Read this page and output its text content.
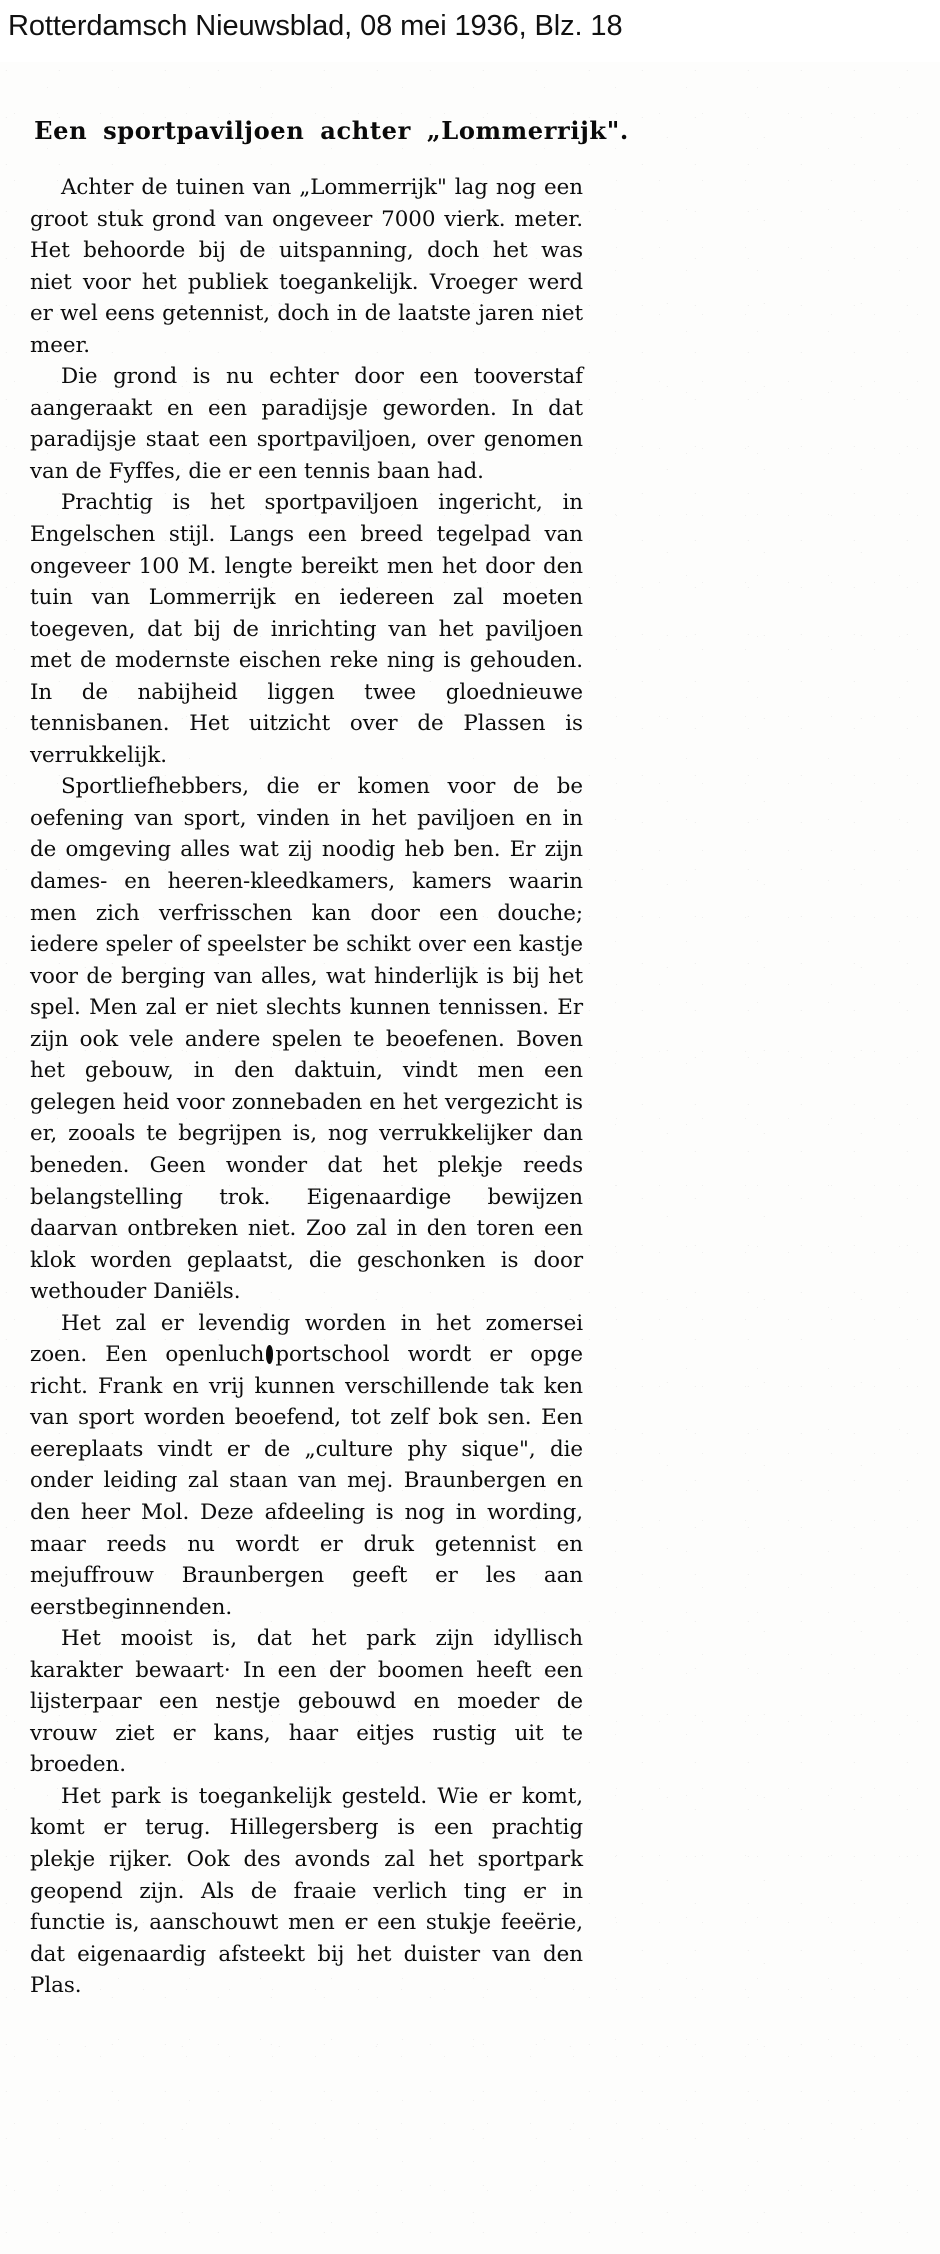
Rotterdamsch Nieuwsblad, 08 mei 1936, Blz. 18
Een sportpaviljoen achter „Lommerrijk".

Achter de tuinen van „Lommerrijk" lag nog een groot stuk grond van ongeveer 7000 vierk. meter. Het behoorde bij de uitspanning, doch het was niet voor het publiek toegankelijk. Vroeger werd er wel eens getennist, doch in de laatste jaren niet meer.

Die grond is nu echter door een tooverstaf aangeraakt en een paradijsje geworden. In dat paradijsje staat een sportpaviljoen, over genomen van de Fyffes, die er een tennis baan had.

Prachtig is het sportpaviljoen ingericht, in Engelschen stijl. Langs een breed tegelpad van ongeveer 100 M. lengte bereikt men het door den tuin van Lommerrijk en iedereen zal moeten toegeven, dat bij de inrichting van het paviljoen met de modernste eischen reke ning is gehouden. In de nabijheid liggen twee gloednieuwe tennisbanen. Het uitzicht over de Plassen is verrukkelijk.

Sportliefhebbers, die er komen voor de be oefening van sport, vinden in het paviljoen en in de omgeving alles wat zij noodig heb ben. Er zijn dames- en heeren-kleedkamers, kamers waarin men zich verfrisschen kan door een douche; iedere speler of speelster be schikt over een kastje voor de berging van alles, wat hinderlijk is bij het spel. Men zal er niet slechts kunnen tennissen. Er zijn ook vele andere spelen te beoefenen. Boven het gebouw, in den daktuin, vindt men een gelegen heid voor zonnebaden en het vergezicht is er, zooals te begrijpen is, nog verrukkelijker dan beneden. Geen wonder dat het plekje reeds belangstelling trok. Eigenaardige bewijzen daarvan ontbreken niet. Zoo zal in den toren een klok worden geplaatst, die geschonken is door wethouder Daniëls.

Het zal er levendig worden in het zomersei zoen. Een openluch portschool wordt er opge richt. Frank en vrij kunnen verschillende tak ken van sport worden beoefend, tot zelf bok sen. Een eereplaats vindt er de „culture phy sique", die onder leiding zal staan van mej. Braunbergen en den heer Mol. Deze afdeeling is nog in wording, maar reeds nu wordt er druk getennist en mejuffrouw Braunbergen geeft er les aan eerstbeginnenden.

Het mooist is, dat het park zijn idyllisch karakter bewaart· In een der boomen heeft een lijsterpaar een nestje gebouwd en moeder de vrouw ziet er kans, haar eitjes rustig uit te broeden.

Het park is toegankelijk gesteld. Wie er komt, komt er terug. Hillegersberg is een prachtig plekje rijker. Ook des avonds zal het sportpark geopend zijn. Als de fraaie verlich ting er in functie is, aanschouwt men er een stukje feeërie, dat eigenaardig afsteekt bij het duister van den Plas.
